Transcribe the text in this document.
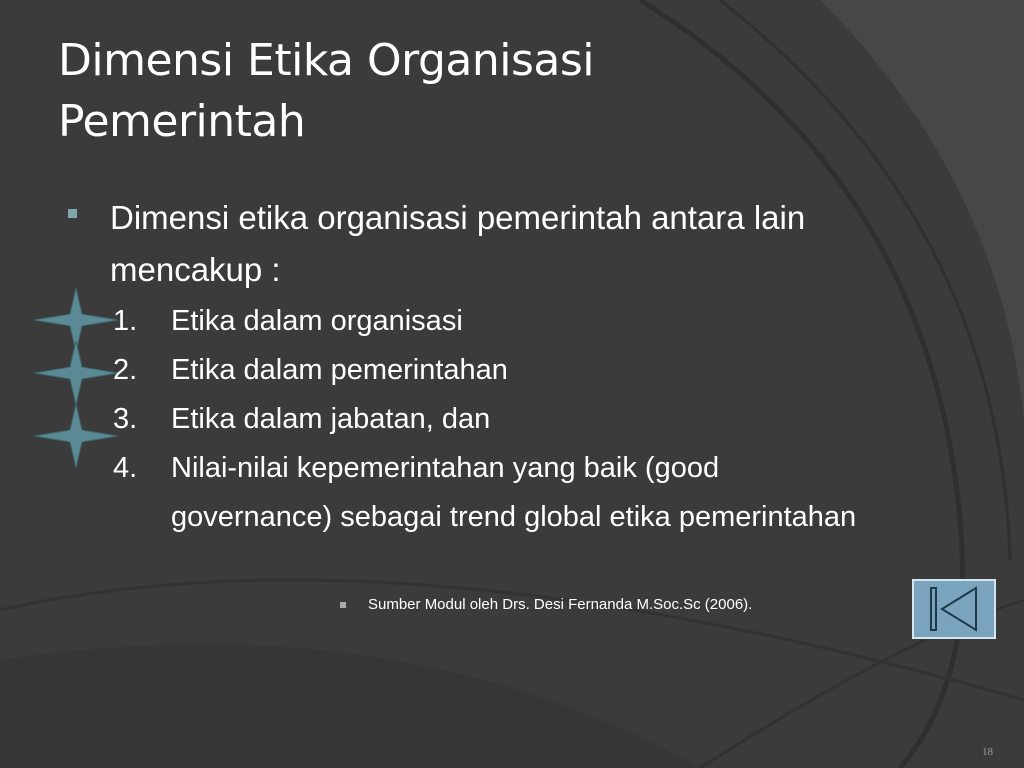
Dimensi Etika Organisasi
Pemerintah
Dimensi etika organisasi pemerintah antara lain mencakup :
1. Etika dalam organisasi
2. Etika dalam pemerintahan
3. Etika dalam jabatan, dan
4. Nilai-nilai kepemerintahan yang baik (good governance) sebagai trend global etika pemerintahan
Sumber Modul oleh Drs. Desi Fernanda M.Soc.Sc (2006).
18
